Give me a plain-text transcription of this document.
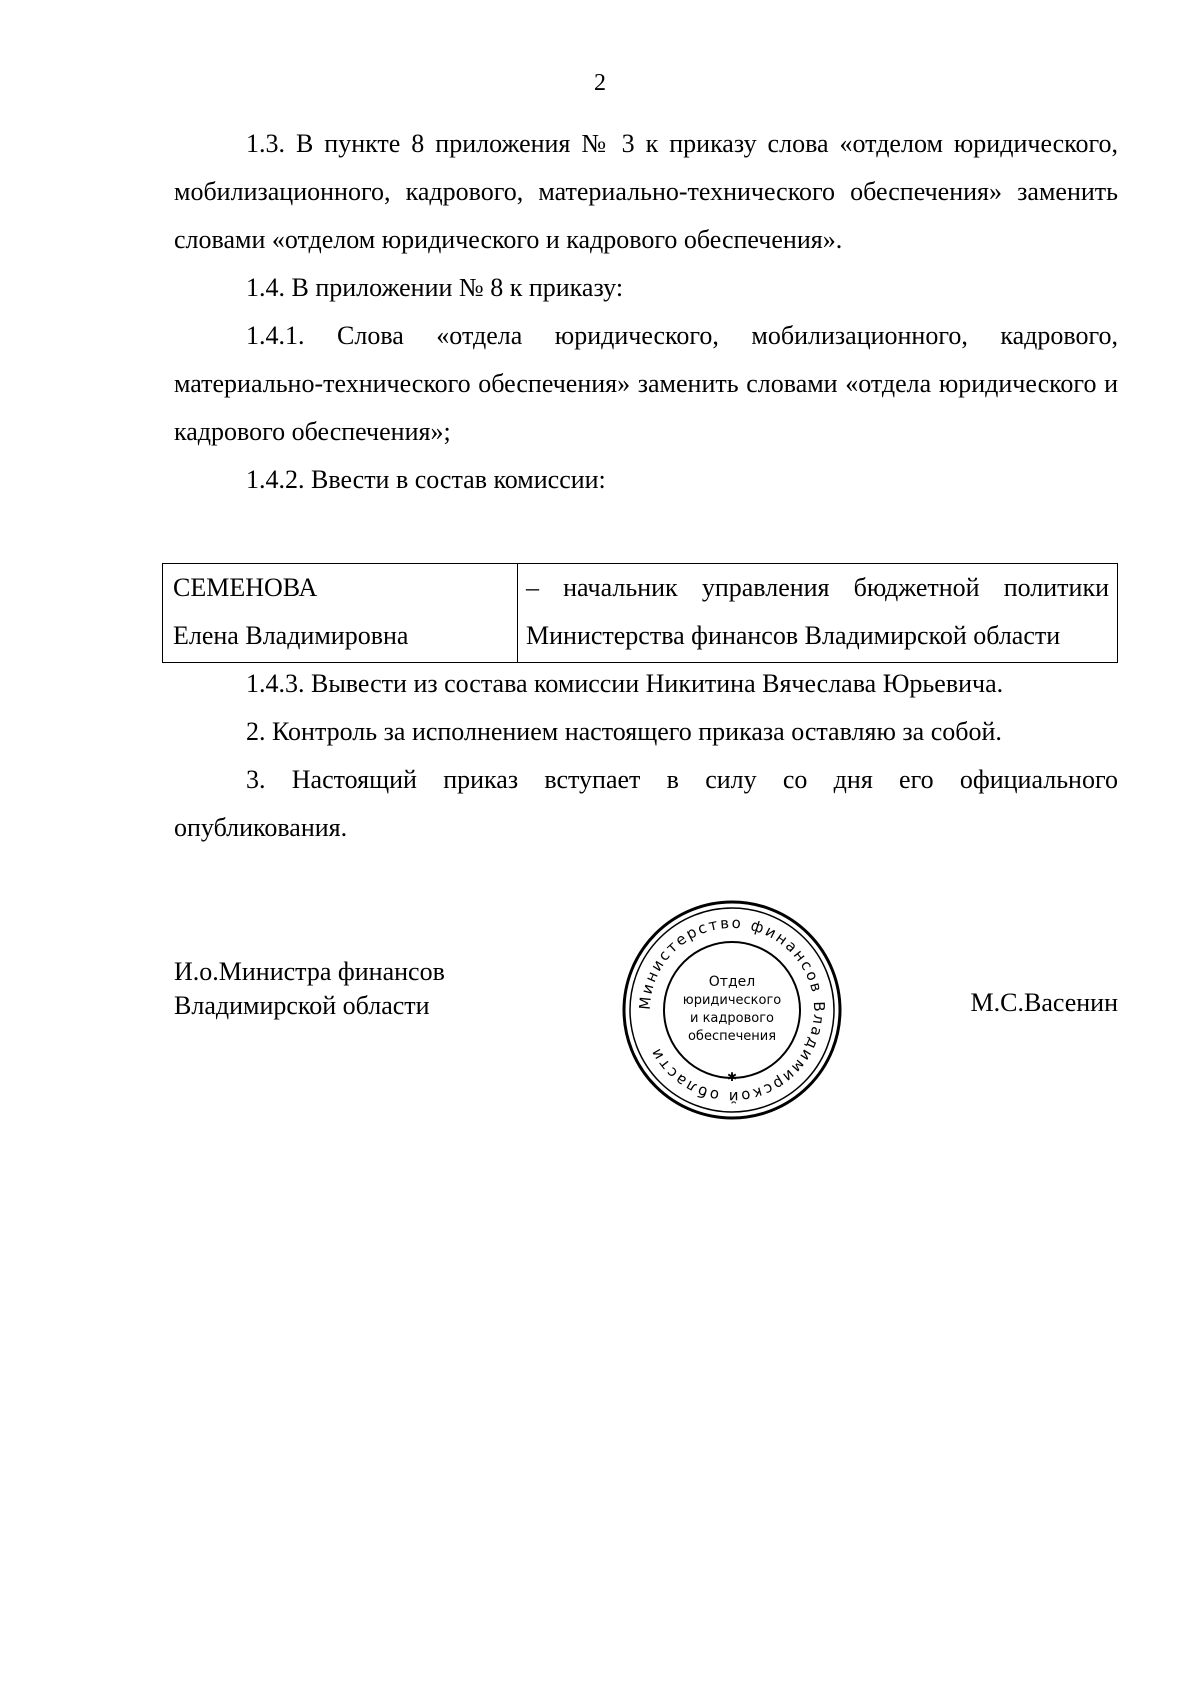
2

1.3. В пункте 8 приложения № 3 к приказу слова «отделом юридического, мобилизационного, кадрового, материально-технического обеспечения» заменить словами «отделом юридического и кадрового обеспечения».

1.4. В приложении № 8 к приказу:

1.4.1. Слова «отдела юридического, мобилизационного, кадрового, материально-технического обеспечения» заменить словами «отдела юридического и кадрового обеспечения»;

1.4.2. Ввести в состав комиссии:

СЕМЕНОВА
Елена Владимировна

– начальник управления бюджетной политики
Министерства финансов Владимирской области

1.4.3. Вывести из состава комиссии Никитина Вячеслава Юрьевича.

2. Контроль за исполнением настоящего приказа оставляю за собой.

3. Настоящий приказ вступает в силу со дня его официального опубликования.

И.о.Министра финансов
Владимирской области	Министерство финансов Владимирской области
✱
Отдел
юридического
и кадрового
обеспечения
М.С.Васенин
